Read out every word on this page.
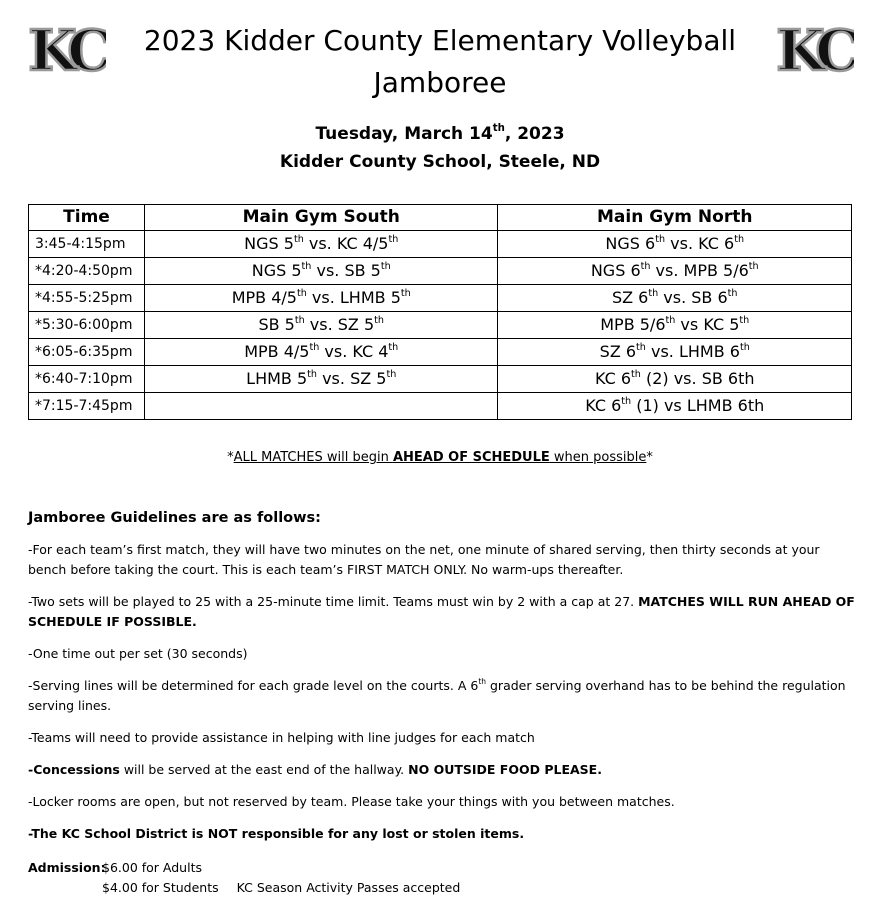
KC	KC
2023 Kidder County Elementary Volleyball
Jamboree
Tuesday, March 14th, 2023
Kidder County School, Steele, ND
Time	Main Gym South	Main Gym North
3:45-4:15pm	NGS 5th vs. KC 4/5th	NGS 6th vs. KC 6th
*4:20-4:50pm	NGS 5th vs. SB 5th	NGS 6th vs. MPB 5/6th
*4:55-5:25pm	MPB 4/5th vs. LHMB 5th	SZ 6th vs. SB 6th
*5:30-6:00pm	SB 5th vs. SZ 5th	MPB 5/6th vs KC 5th
*6:05-6:35pm	MPB 4/5th vs. KC 4th	SZ 6th vs. LHMB 6th
*6:40-7:10pm	LHMB 5th vs. SZ 5th	KC 6th (2) vs. SB 6th
*7:15-7:45pm		KC 6th (1) vs LHMB 6th
*ALL MATCHES will begin AHEAD OF SCHEDULE when possible*
Jamboree Guidelines are as follows:

-For each team’s first match, they will have two minutes on the net, one minute of shared serving, then thirty seconds at your bench before taking the court. This is each team’s FIRST MATCH ONLY. No warm-ups thereafter.

-Two sets will be played to 25 with a 25-minute time limit. Teams must win by 2 with a cap at 27. MATCHES WILL RUN AHEAD OF SCHEDULE IF POSSIBLE.

-One time out per set (30 seconds)

-Serving lines will be determined for each grade level on the courts. A 6th grader serving overhand has to be behind the regulation serving lines.

-Teams will need to provide assistance in helping with line judges for each match

-Concessions will be served at the east end of the hallway. NO OUTSIDE FOOD PLEASE.

-Locker rooms are open, but not reserved by team. Please take your things with you between matches.

-The KC School District is NOT responsible for any lost or stolen items.

Admission:
$6.00 for Adults
$4.00 for Students KC Season Activity Passes accepted
